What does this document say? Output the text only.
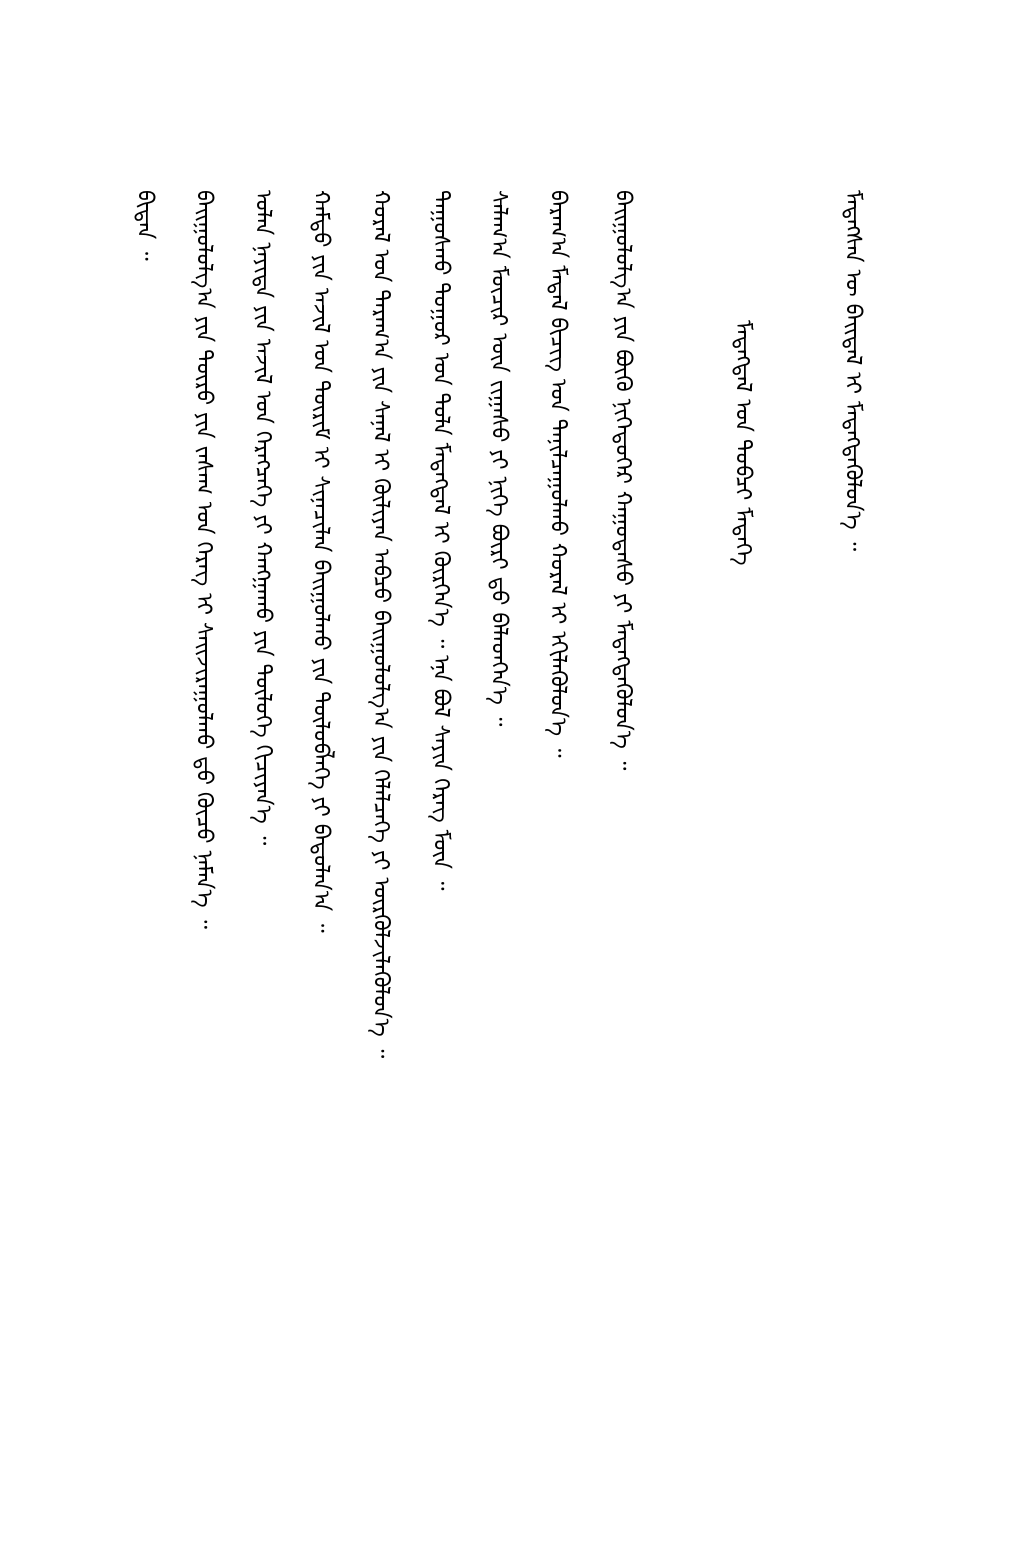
ᠮᠡᠳᠡᠭᠰᠡᠨ ᠦ ᠪᠠᠢᠳᠠᠯ ᠢ ᠮᠡᠳᠡᠭᠳᠡᠭᠦᠯᠦᠨ᠎ᠡ ᠃
ᠮᠡᠳᠡᠭᠳᠡᠯ ᠤᠨ ᠲᠣᠪᠴᠢ ᠮᠡᠳᠡᠭᠡ
ᠪᠠᠢᠭᠤᠯᠤᠯᠭ᠎ᠠ ᠶᠢᠨ ᠪᠦᠬᠦ ᠨᠢᠭᠡᠳᠦᠭᠡᠷ ᠬᠠᠭᠤᠳᠠᠰᠤ ᠶᠢ ᠮᠡᠳᠡᠭᠳᠡᠭᠦᠯᠦᠨ᠎ᠡ ᠃
ᠪᠠᠷᠠᠭ᠎ᠠ ᠮᠡᠳᠡᠯ ᠪᠢᠴᠢᠭ ᠤᠨ ᠲᠠᠨᠢᠯᠴᠠᠭᠤᠯᠬᠤ ᠬᠤᠷᠠᠯ ᠢ ᠡᠬᠢᠯᠡᠭᠦᠯᠦᠨ᠎ᠡ ᠃
ᠰᠠᠯᠠᠭ᠎ᠠ ᠮᠦᠴᠢᠷ ᠦᠨ ᠵᠢᠭᠠᠰᠤ ᠶᠢ ᠨᠢᠭᠡ ᠪᠦᠷᠢ ᠳ᠋ᠤ ᠪᠡᠯᠡᠳᠬᠡᠨ᠎ᠡ ᠃
ᠳᠠᠭᠤᠰᠬᠤ ᠳᠤᠭᠤᠷ ᠤᠨ ᠲᠤᠯᠠ ᠮᠡᠳᠡᠭᠳᠡᠯ ᠢ ᠬᠦᠷᠭᠡᠨ᠎ᠡ ᠃ ᠡᠨᠡ ᠪᠤᠯ ᠰᠠᠶᠢᠨ ᠬᠡᠷᠡᠭ ᠮᠥᠨ ᠃
ᠬᠤᠷᠠᠯ ᠤᠨ ᠳᠠᠷᠠᠭ᠎ᠠ ᠶᠢᠨ ᠰᠠᠨᠠᠯ ᠢ ᠬᠦᠯᠢᠶᠡᠨ ᠠᠪᠴᠤ ᠪᠠᠢᠭᠤᠯᠤᠯᠭ᠎ᠠ ᠶᠢᠨ ᠬᠡᠯᠡᠯᠴᠡᠭᠡ ᠶᠢ ᠦᠷᠭᠦᠯᠵᠢᠯᠡᠭᠦᠯᠦᠨ᠎ᠡ ᠃
ᠬᠠᠮᠲᠤ ᠶᠢᠨ ᠠᠵᠢᠯ ᠤᠨ ᠳᠦᠷᠢᠮ ᠢ ᠰᠢᠨᠡᠴᠢᠯᠡᠨ ᠪᠠᠢᠭᠤᠯᠬᠤ ᠶᠢᠨ ᠲᠥᠯᠦᠪᠯᠡᠭᠡ ᠶᠢ ᠪᠠᠲᠤᠯᠠᠨ᠎ᠠ ᠃
ᠣᠯᠠᠨ ᠨᠡᠶᠢᠲᠡ ᠶᠢᠨ ᠠᠵᠢᠯ ᠤᠨ ᠬᠡᠷᠡᠭᠴᠡᠭᠡ ᠶᠢ ᠬᠠᠩᠭᠠᠬᠤ ᠶᠢᠨ ᠲᠥᠯᠦᠭᠡ ᠬᠢᠴᠢᠶᠡᠨ᠎ᠡ ᠃
ᠪᠠᠢᠭᠤᠯᠤᠯᠭ᠎ᠠ ᠶᠢᠨ ᠲᠦᠷᠦ ᠶᠢᠨ ᠵᠠᠰᠠᠭ ᠤᠨ ᠬᠡᠷᠡᠭ ᠢ ᠰᠠᠢᠵᠢᠷᠠᠭᠤᠯᠬᠤ ᠳ᠋ᠤ ᠬᠦᠴᠦ ᠨᠡᠮᠡᠨ᠎ᠡ ᠃
ᠪᠢᠳᠡᠨ ᠃
